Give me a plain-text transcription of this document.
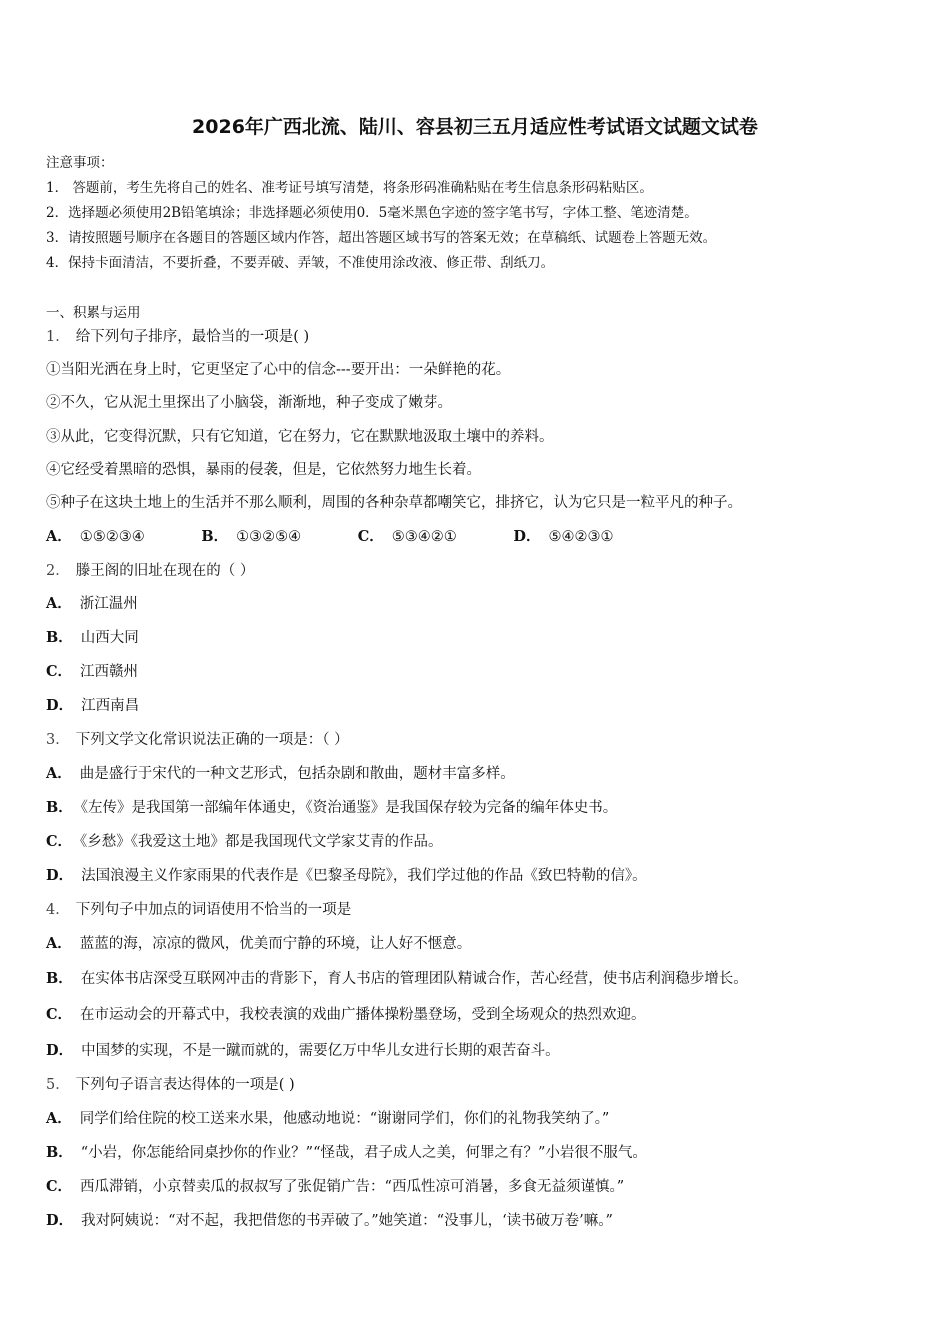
2026年广西北流、陆川、容县初三五月适应性考试语文试题文试卷
注意事项：
1． 答题前，考生先将自己的姓名、准考证号填写清楚，将条形码准确粘贴在考生信息条形码粘贴区。
2．选择题必须使用2B铅笔填涂；非选择题必须使用0．5毫米黑色字迹的签字笔书写，字体工整、笔迹清楚。
3．请按照题号顺序在各题目的答题区域内作答，超出答题区域书写的答案无效；在草稿纸、试题卷上答题无效。
4．保持卡面清洁，不要折叠，不要弄破、弄皱，不准使用涂改液、修正带、刮纸刀。
一、积累与运用
1． 给下列句子排序，最恰当的一项是( )
①当阳光洒在身上时，它更坚定了心中的信念---要开出：一朵鲜艳的花。
②不久，它从泥土里探出了小脑袋，渐渐地，种子变成了嫩芽。
③从此，它变得沉默，只有它知道，它在努力，它在默默地汲取土壤中的养料。
④它经受着黑暗的恐惧，暴雨的侵袭，但是，它依然努力地生长着。
⑤种子在这块土地上的生活并不那么顺利，周围的各种杂草都嘲笑它，排挤它，认为它只是一粒平凡的种子。
A． ①⑤②③④	B． ①③②⑤④	C． ⑤③④②①	D． ⑤④②③①
2． 滕王阁的旧址在现在的（ ）
A． 浙江温州
B． 山西大同
C． 江西赣州
D． 江西南昌
3． 下列文学文化常识说法正确的一项是：（ ）
A． 曲是盛行于宋代的一种文艺形式，包括杂剧和散曲，题材丰富多样。
B． 《左传》是我国第一部编年体通史，《资治通鉴》是我国保存较为完备的编年体史书。
C． 《乡愁》《我爱这土地》都是我国现代文学家艾青的作品。
D． 法国浪漫主义作家雨果的代表作是《巴黎圣母院》，我们学过他的作品《致巴特勒的信》。
4． 下列句子中加点的词语使用不恰当的一项是
A． 蓝蓝的海，凉凉的微风，优美而宁静的环境，让人好不惬意。
B． 在实体书店深受互联网冲击的背影下，育人书店的管理团队精诚合作，苦心经营，使书店利润稳步增长。
C． 在市运动会的开幕式中，我校表演的戏曲广播体操粉墨登场，受到全场观众的热烈欢迎。
D． 中国梦的实现，不是一蹴而就的，需要亿万中华儿女进行长期的艰苦奋斗。
5． 下列句子语言表达得体的一项是( )
A． 同学们给住院的校工送来水果，他感动地说：“谢谢同学们，你们的礼物我笑纳了。”
B． “小岩，你怎能给同桌抄你的作业？”“怪哉，君子成人之美，何罪之有？”小岩很不服气。
C． 西瓜滞销，小京替卖瓜的叔叔写了张促销广告：“西瓜性凉可消暑，多食无益须谨慎。”
D． 我对阿姨说：“对不起，我把借您的书弄破了。”她笑道：“没事儿，‘读书破万卷’嘛。”
